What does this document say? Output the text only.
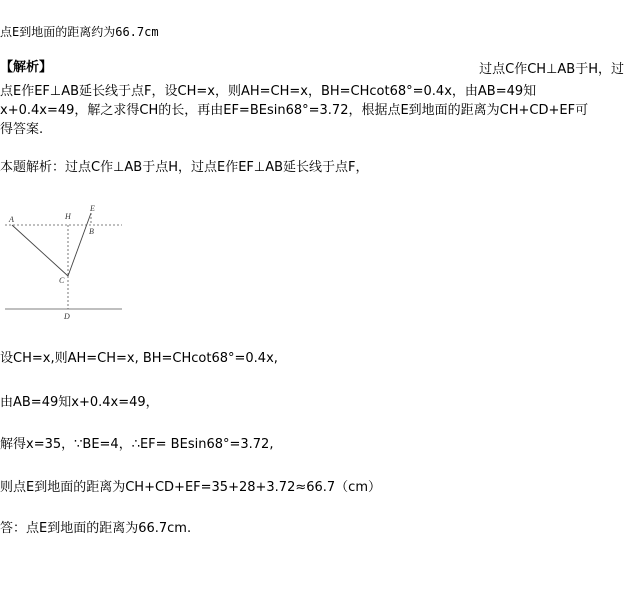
点E到地面的距离约为66.7cm
【解析】	过点C作CH⊥AB于H，过
点E作EF⊥AB延长线于点F，设CH=x，则AH=CH=x，BH=CHcot68°=0.4x，由AB=49知
x+0.4x=49，解之求得CH的长，再由EF=BEsin68°=3.72，根据点E到地面的距离为CH+CD+EF可
得答案.
本题解析：过点C作⊥AB于点H，过点E作EF⊥AB延长线于点F，
A	H
E
B
C
D
设CH=x,则AH=CH=x, BH=CHcot68°=0.4x,
由AB=49知x+0.4x=49，
解得x=35，∵BE=4，∴EF= BEsin68°=3.72,
则点E到地面的距离为CH+CD+EF=35+28+3.72≈66.7（cm）
答：点E到地面的距离为66.7cm.
